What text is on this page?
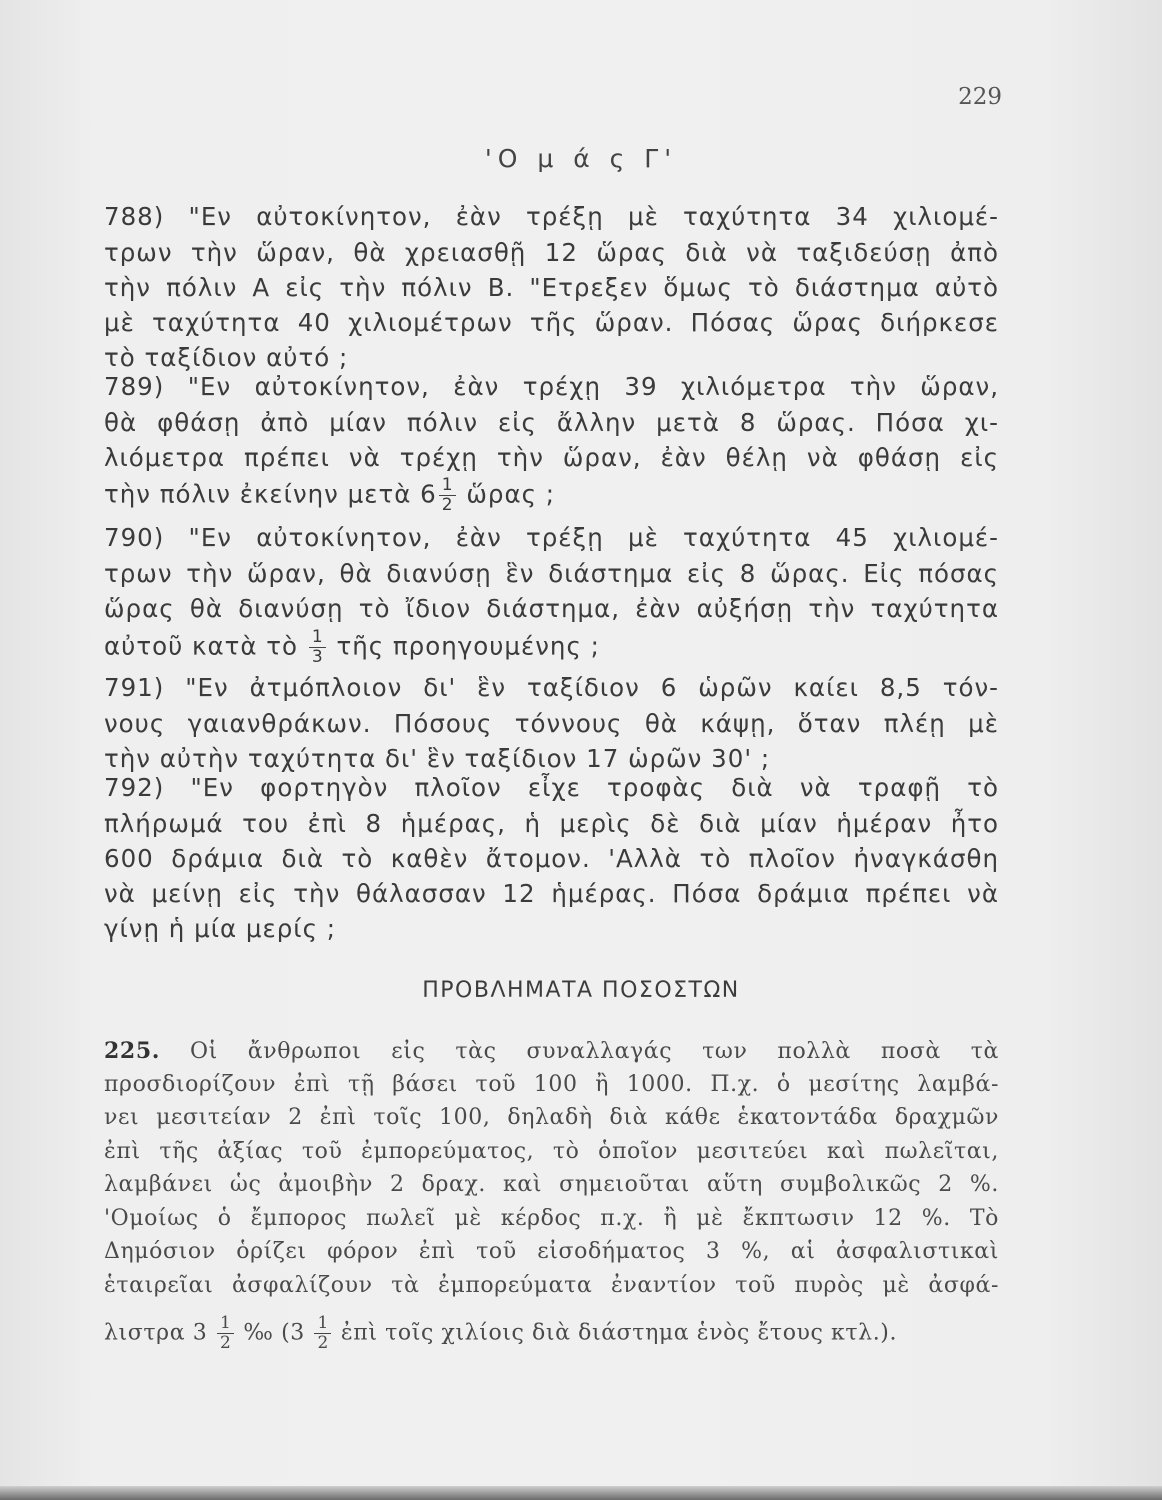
229
'Ο μ ά ς Γ'
788) "Εν αὐτοκίνητον, ἐὰν τρέξῃ μὲ ταχύτητα 34 χιλιομέ-
τρων τὴν ὥραν, θὰ χρειασθῇ 12 ὥρας διὰ νὰ ταξιδεύσῃ ἀπὸ
τὴν πόλιν Α εἰς τὴν πόλιν Β. "Ετρεξεν ὅμως τὸ διάστημα αὐτὸ
μὲ ταχύτητα 40 χιλιομέτρων τῆς ὥραν. Πόσας ὥρας διήρκεσε
τὸ ταξίδιον αὐτό ;
789) "Εν αὐτοκίνητον, ἐὰν τρέχῃ 39 χιλιόμετρα τὴν ὥραν,
θὰ φθάσῃ ἀπὸ μίαν πόλιν εἰς ἄλλην μετὰ 8 ὥρας. Πόσα χι-
λιόμετρα πρέπει νὰ τρέχῃ τὴν ὥραν, ἐὰν θέλῃ νὰ φθάσῃ εἰς
τὴν πόλιν ἐκείνην μετὰ $6 \frac{1}{2}$ ὥρας ;
790) "Εν αὐτοκίνητον, ἐὰν τρέξῃ μὲ ταχύτητα 45 χιλιομέ-
τρων τὴν ὥραν, θὰ διανύσῃ ἓν διάστημα εἰς 8 ὥρας. Εἰς πόσας
ὥρας θὰ διανύσῃ τὸ ἴδιον διάστημα, ἐὰν αὐξήσῃ τὴν ταχύτητα
αὐτοῦ κατὰ τὸ $\frac{1}{3}$ τῆς προηγουμένης ;
791) "Εν ἀτμόπλοιον δι' ἓν ταξίδιον 6 ὡρῶν καίει 8,5 τόν-
νους γαιανθράκων. Πόσους τόννους θὰ κάψῃ, ὅταν πλέῃ μὲ
τὴν αὐτὴν ταχύτητα δι' ἓν ταξίδιον 17 ὡρῶν 30' ;
792) "Εν φορτηγὸν πλοῖον εἶχε τροφὰς διὰ νὰ τραφῇ τὸ
πλήρωμά του ἐπὶ 8 ἡμέρας, ἡ μερὶς δὲ διὰ μίαν ἡμέραν ἦτο
600 δράμια διὰ τὸ καθὲν ἄτομον. 'Αλλὰ τὸ πλοῖον ἠναγκάσθη
νὰ μείνῃ εἰς τὴν θάλασσαν 12 ἡμέρας. Πόσα δράμια πρέπει νὰ
γίνῃ ἡ μία μερίς ;
ΠΡΟΒΛΗΜΑΤΑ ΠΟΣΟΣΤΩΝ
225. Οἱ ἄνθρωποι εἰς τὰς συναλλαγάς των πολλὰ ποσὰ τὰ
προσδιορίζουν ἐπὶ τῇ βάσει τοῦ 100 ἢ 1000. Π.χ. ὁ μεσίτης λαμβά-
νει μεσιτείαν 2 ἐπὶ τοῖς 100, δηλαδὴ διὰ κάθε ἑκατοντάδα δραχμῶν
ἐπὶ τῆς ἀξίας τοῦ ἐμπορεύματος, τὸ ὁποῖον μεσιτεύει καὶ πωλεῖται,
λαμβάνει ὡς ἀμοιβὴν 2 δραχ. καὶ σημειοῦται αὕτη συμβολικῶς 2 %.
'Ομοίως ὁ ἔμπορος πωλεῖ μὲ κέρδος π.χ. ἢ μὲ ἔκπτωσιν 12 %. Τὸ
Δημόσιον ὁρίζει φόρον ἐπὶ τοῦ εἰσοδήματος 3 %, αἱ ἀσφαλιστικαὶ
ἑταιρεῖαι ἀσφαλίζουν τὰ ἐμπορεύματα ἐναντίον τοῦ πυρὸς μὲ ἀσφά-
λιστρα $3 \frac{1}{2}$ ‰ ($3 \frac{1}{2}$ ἐπὶ τοῖς χιλίοις διὰ διάστημα ἑνὸς ἔτους κτλ.).
